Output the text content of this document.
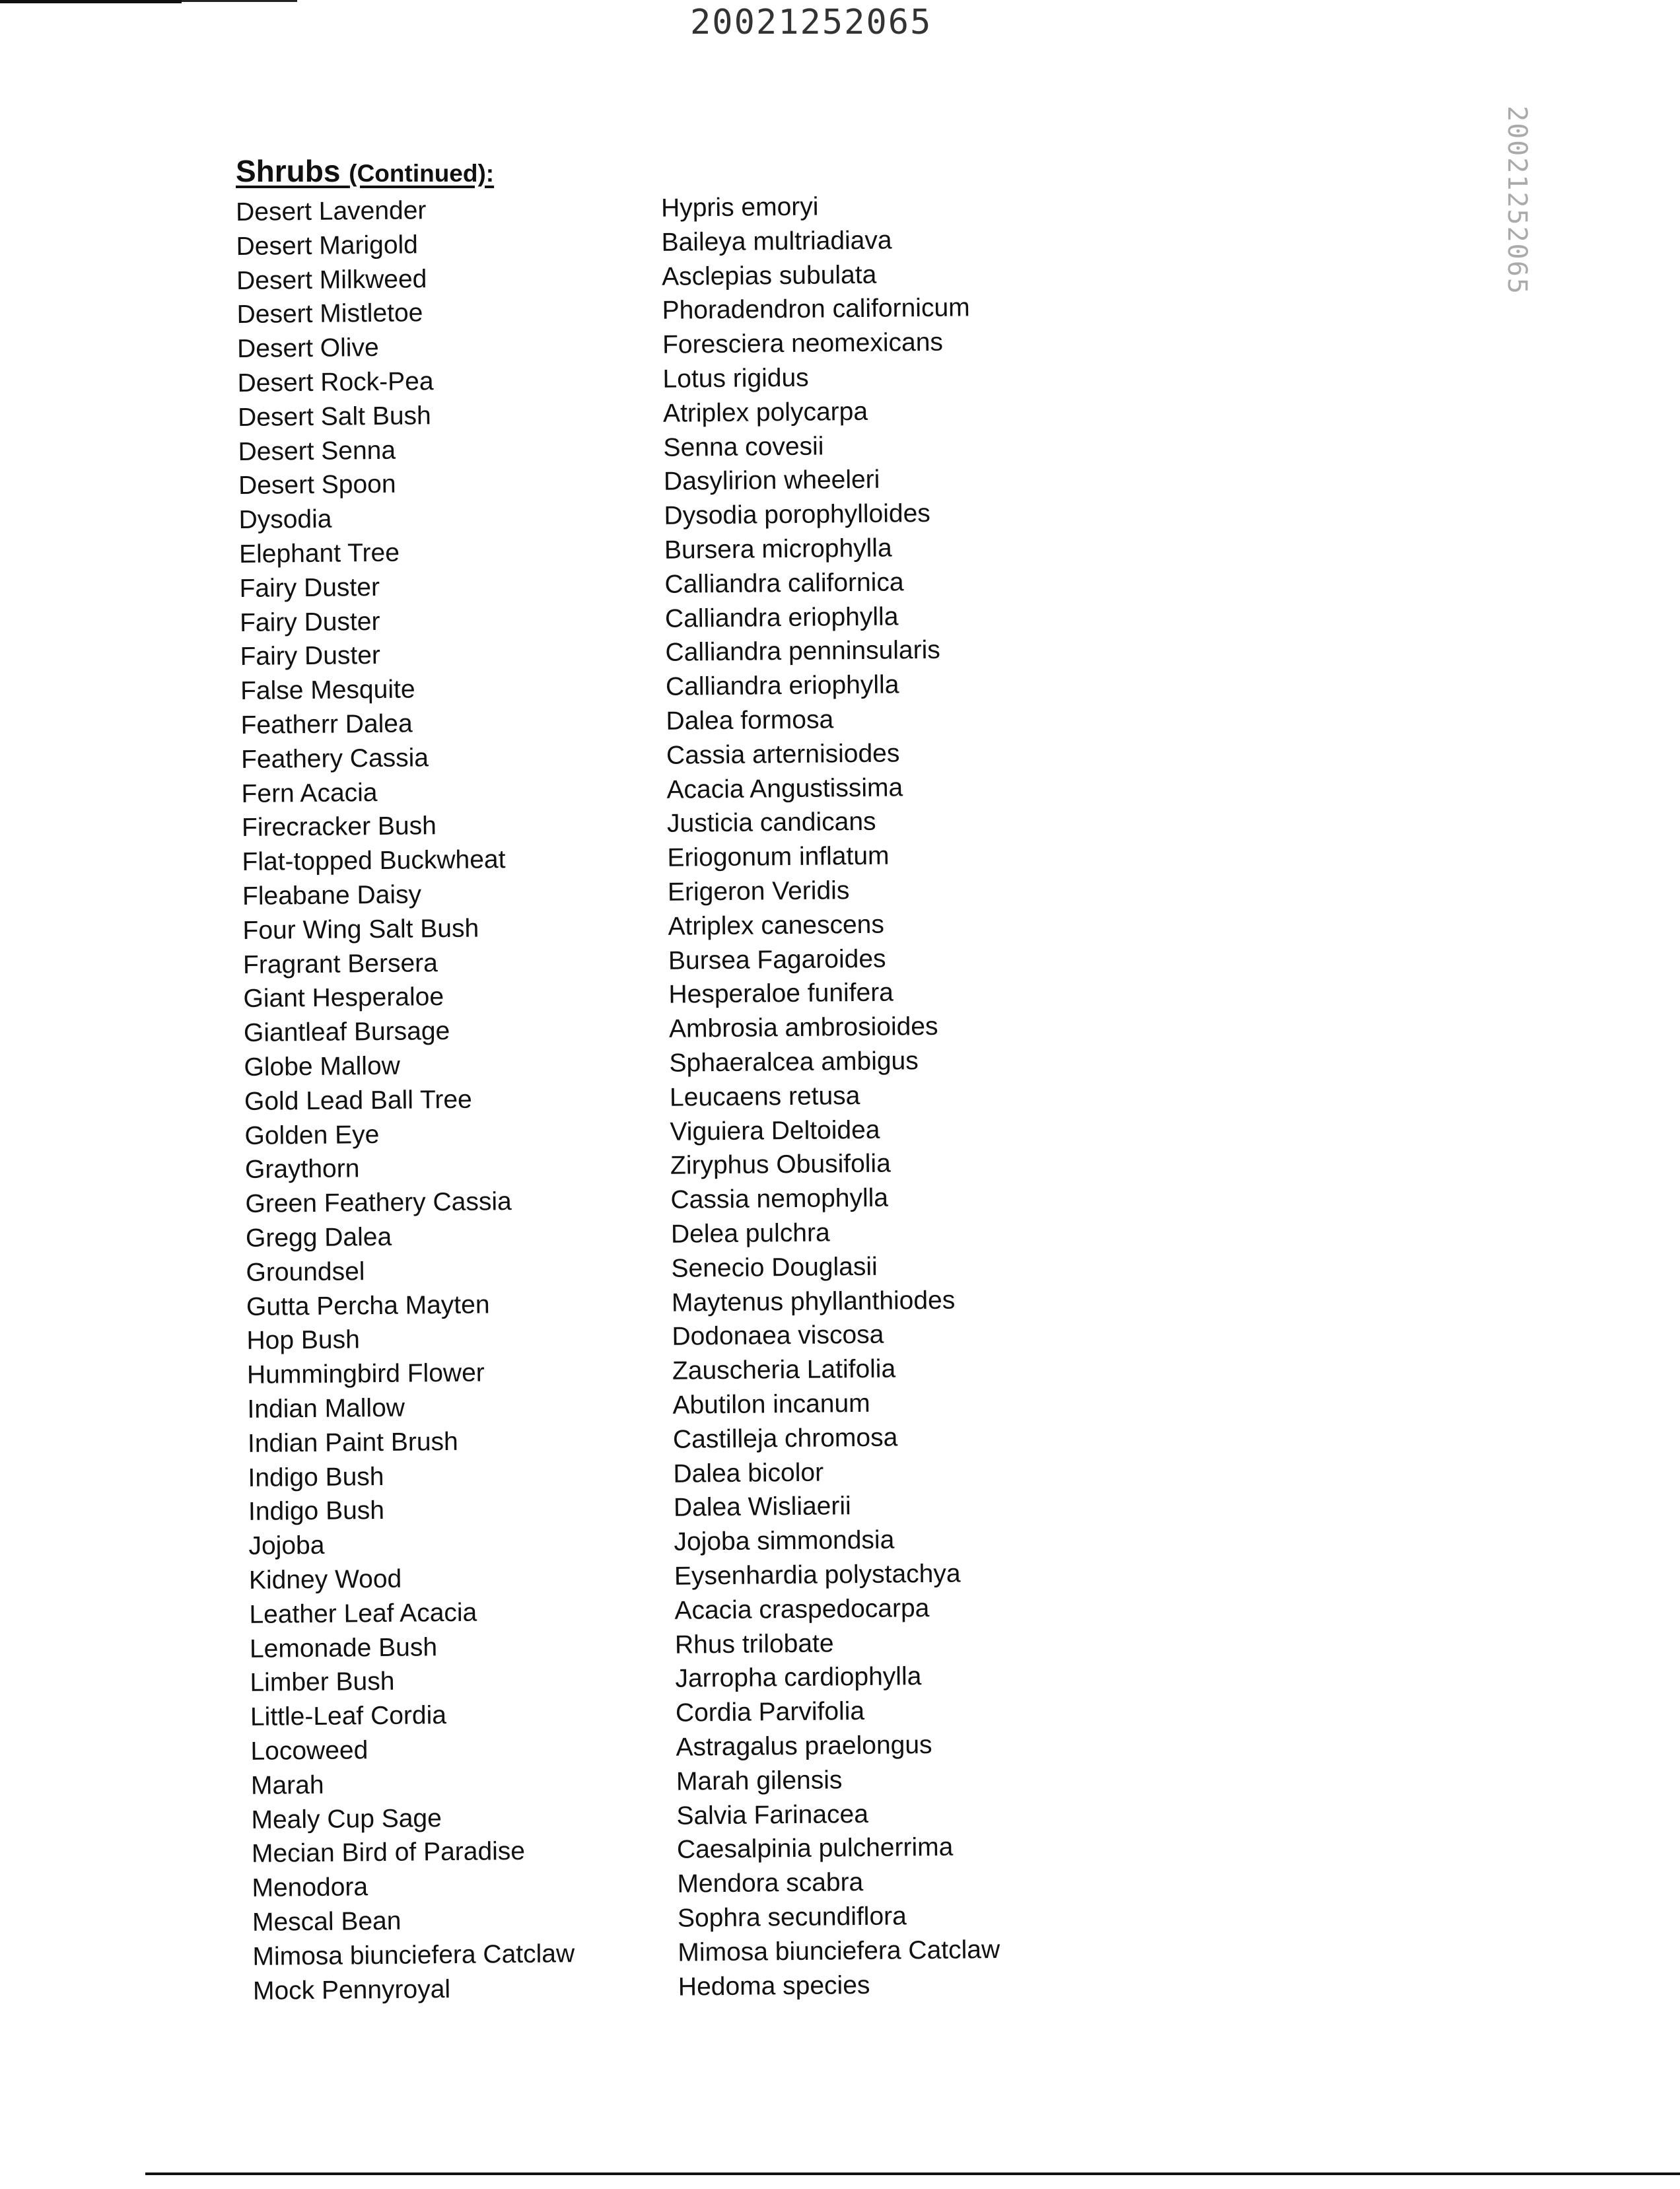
20021252065
20021252065
Shrubs (Continued):
Desert Lavender	Hypris emoryi
Desert Marigold	Baileya multriadiava
Desert Milkweed	Asclepias subulata
Desert Mistletoe	Phoradendron californicum
Desert Olive	Foresciera neomexicans
Desert Rock-Pea	Lotus rigidus
Desert Salt Bush	Atriplex polycarpa
Desert Senna	Senna covesii
Desert Spoon	Dasylirion wheeleri
Dysodia	Dysodia porophylloides
Elephant Tree	Bursera microphylla
Fairy Duster	Calliandra californica
Fairy Duster	Calliandra eriophylla
Fairy Duster	Calliandra penninsularis
False Mesquite	Calliandra eriophylla
Featherr Dalea	Dalea formosa
Feathery Cassia	Cassia arternisiodes
Fern Acacia	Acacia Angustissima
Firecracker Bush	Justicia candicans
Flat-topped Buckwheat	Eriogonum inflatum
Fleabane Daisy	Erigeron Veridis
Four Wing Salt Bush	Atriplex canescens
Fragrant Bersera	Bursea Fagaroides
Giant Hesperaloe	Hesperaloe funifera
Giantleaf Bursage	Ambrosia ambrosioides
Globe Mallow	Sphaeralcea ambigus
Gold Lead Ball Tree	Leucaens retusa
Golden Eye	Viguiera Deltoidea
Graythorn	Ziryphus Obusifolia
Green Feathery Cassia	Cassia nemophylla
Gregg Dalea	Delea pulchra
Groundsel	Senecio Douglasii
Gutta Percha Mayten	Maytenus phyllanthiodes
Hop Bush	Dodonaea viscosa
Hummingbird Flower	Zauscheria Latifolia
Indian Mallow	Abutilon incanum
Indian Paint Brush	Castilleja chromosa
Indigo Bush	Dalea bicolor
Indigo Bush	Dalea Wisliaerii
Jojoba	Jojoba simmondsia
Kidney Wood	Eysenhardia polystachya
Leather Leaf Acacia	Acacia craspedocarpa
Lemonade Bush	Rhus trilobate
Limber Bush	Jarropha cardiophylla
Little-Leaf Cordia	Cordia Parvifolia
Locoweed	Astragalus praelongus
Marah	Marah gilensis
Mealy Cup Sage	Salvia Farinacea
Mecian Bird of Paradise	Caesalpinia pulcherrima
Menodora	Mendora scabra
Mescal Bean	Sophra secundiflora
Mimosa biunciefera Catclaw	Mimosa biunciefera Catclaw
Mock Pennyroyal	Hedoma species
